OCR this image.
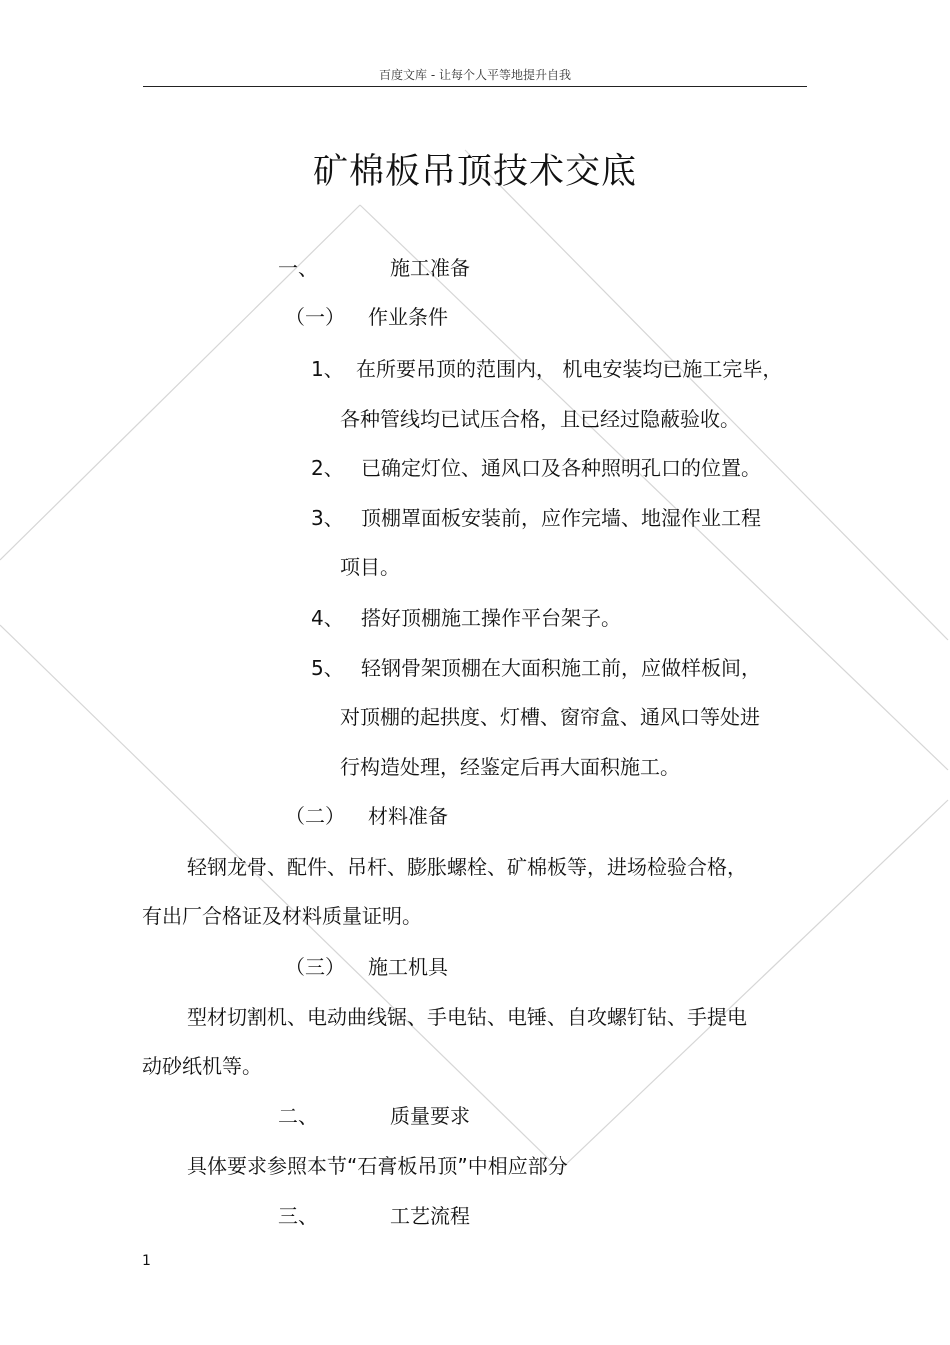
百度文库 - 让每个人平等地提升自我
矿棉板吊顶技术交底
一、	施工准备
（一） 作业条件
1、 在所要吊顶的范围内， 机电安装均已施工完毕，
各种管线均已试压合格，且已经过隐蔽验收。
2、 已确定灯位、通风口及各种照明孔口的位置。
3、 顶棚罩面板安装前，应作完墙、地湿作业工程
项目。
4、 搭好顶棚施工操作平台架子。
5、 轻钢骨架顶棚在大面积施工前，应做样板间，
对顶棚的起拱度、灯槽、窗帘盒、通风口等处进
行构造处理，经鉴定后再大面积施工。
（二） 材料准备
轻钢龙骨、配件、吊杆、膨胀螺栓、矿棉板等，进场检验合格，
有出厂合格证及材料质量证明。
（三） 施工机具
型材切割机、电动曲线锯、手电钻、电锤、自攻螺钉钻、手提电
动砂纸机等。
二、	质量要求
具体要求参照本节“石膏板吊顶”中相应部分
三、	工艺流程
1
